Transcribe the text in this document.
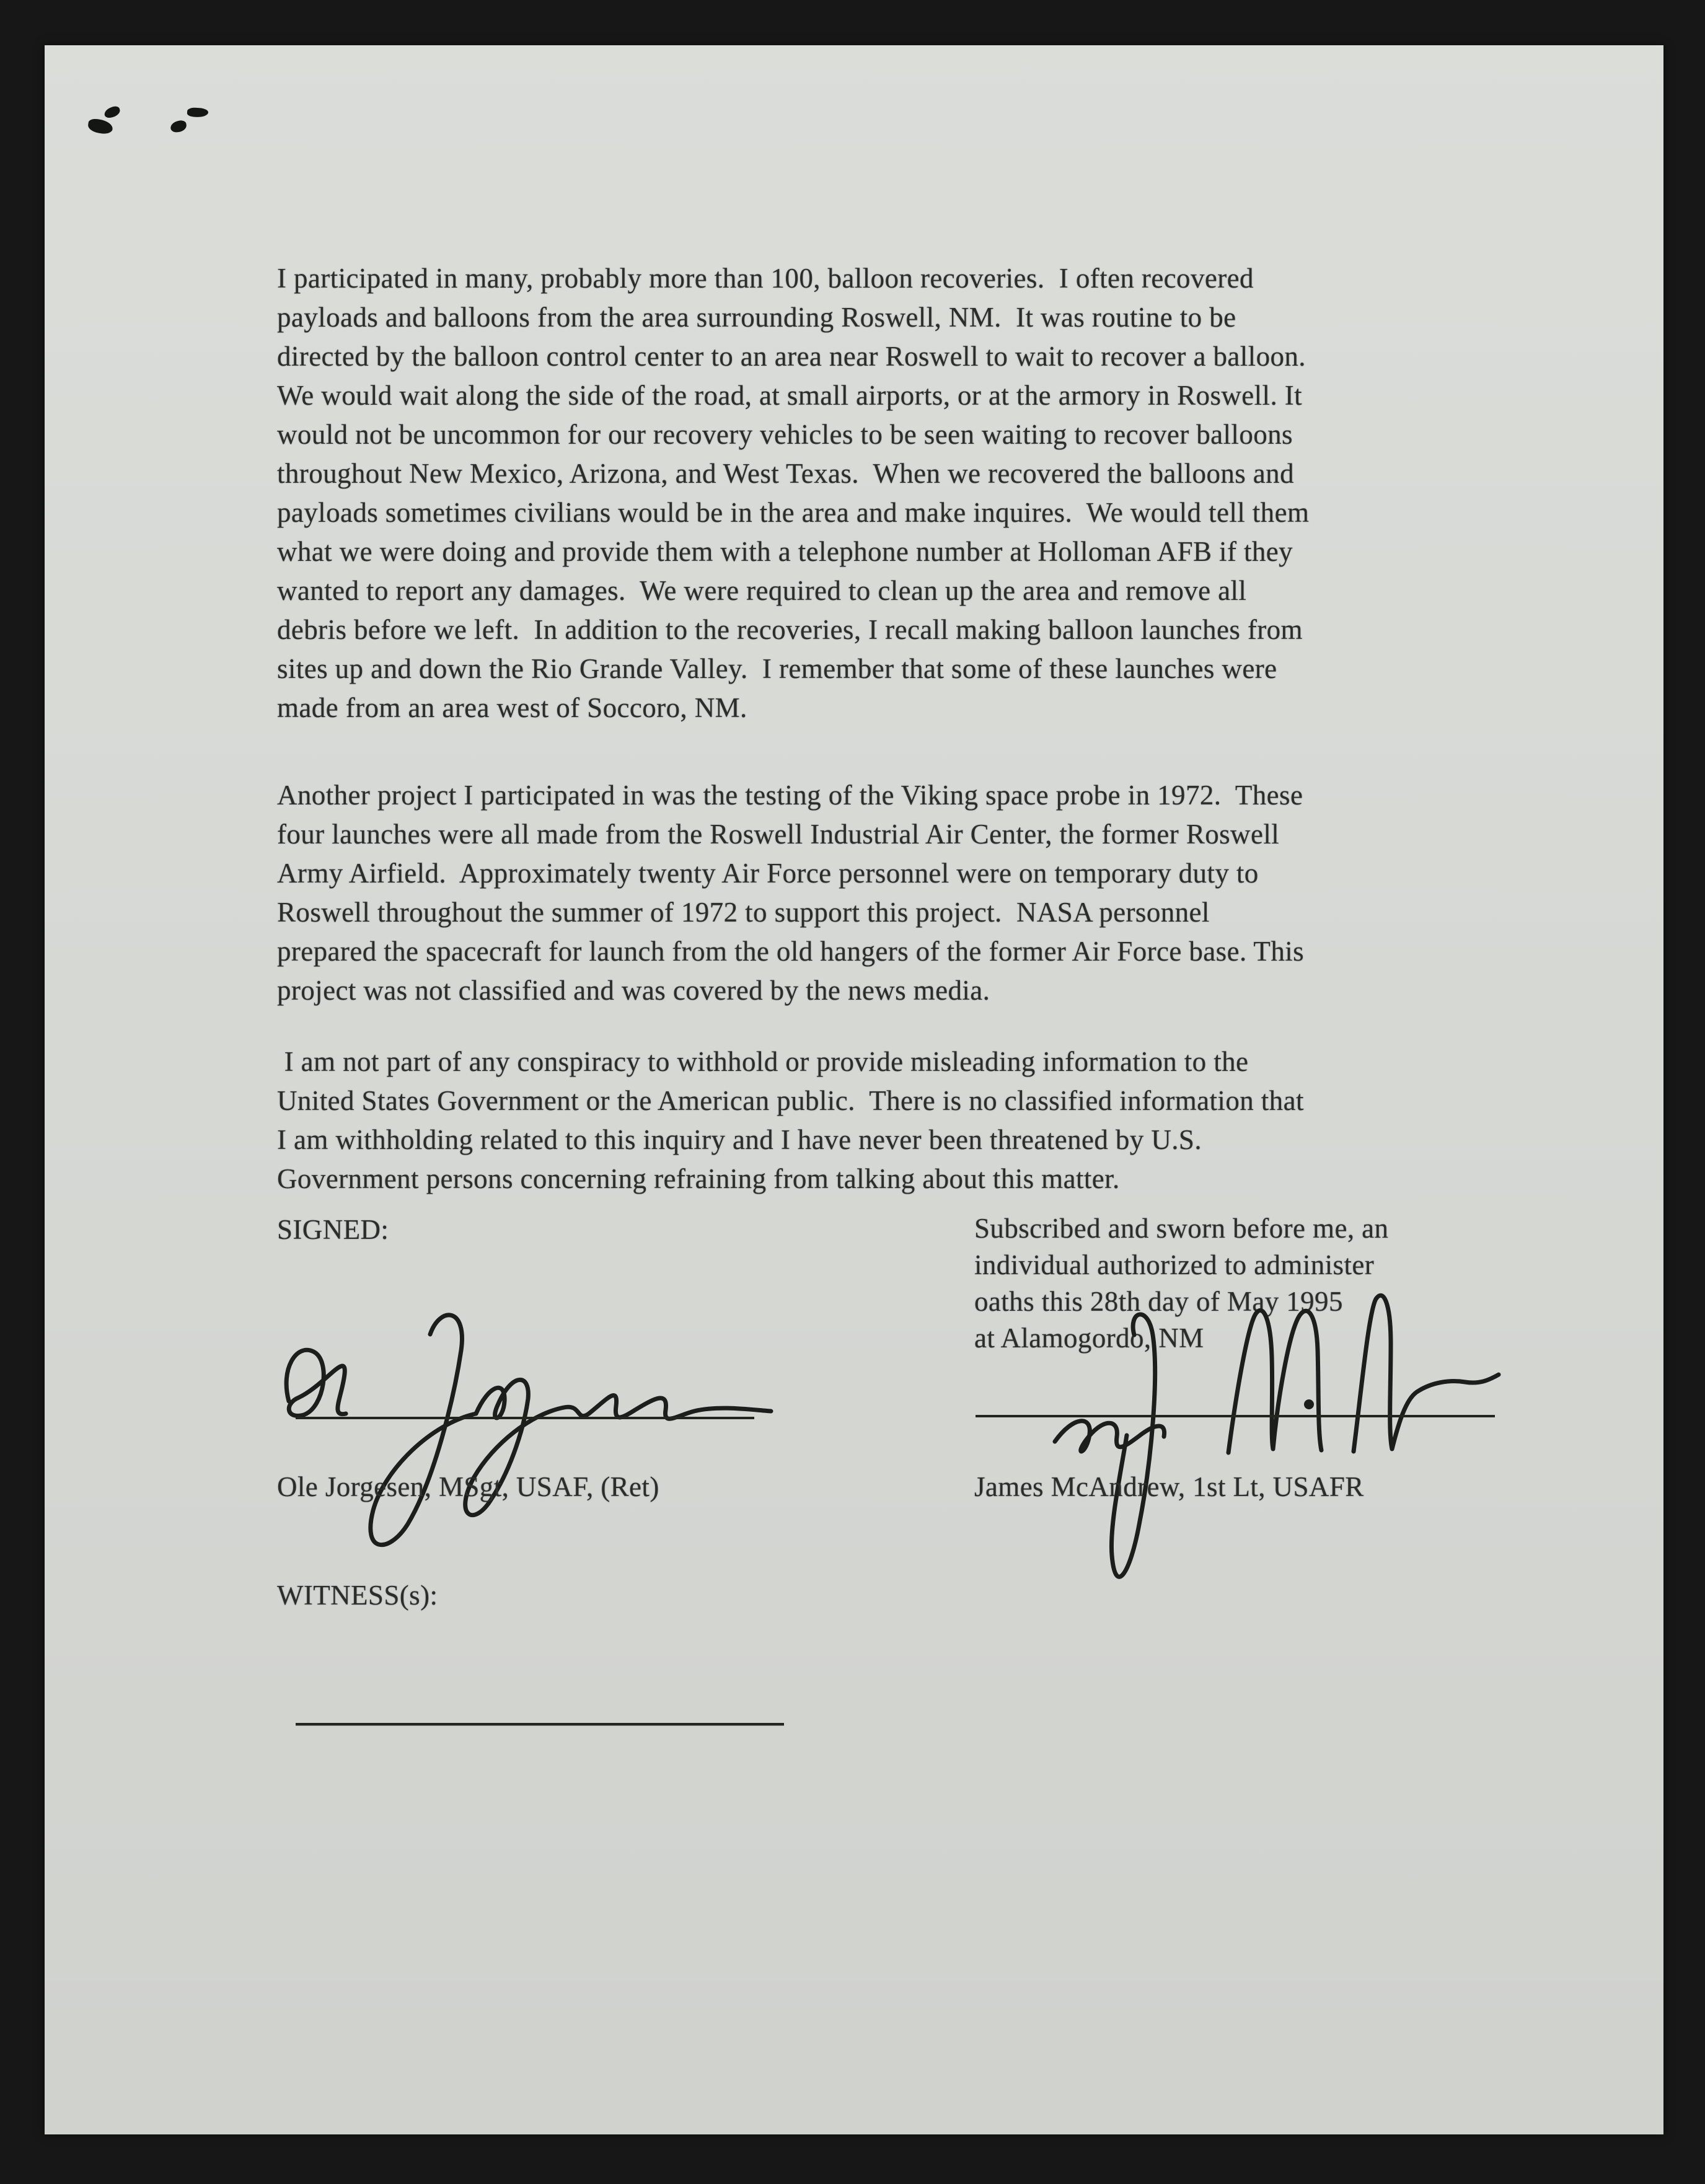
I participated in many, probably more than 100, balloon recoveries.  I often recovered
payloads and balloons from the area surrounding Roswell, NM.  It was routine to be
directed by the balloon control center to an area near Roswell to wait to recover a balloon.
We would wait along the side of the road, at small airports, or at the armory in Roswell. It
would not be uncommon for our recovery vehicles to be seen waiting to recover balloons
throughout New Mexico, Arizona, and West Texas.  When we recovered the balloons and
payloads sometimes civilians would be in the area and make inquires.  We would tell them
what we were doing and provide them with a telephone number at Holloman AFB if they
wanted to report any damages.  We were required to clean up the area and remove all
debris before we left.  In addition to the recoveries, I recall making balloon launches from
sites up and down the Rio Grande Valley.  I remember that some of these launches were
made from an area west of Soccoro, NM.
Another project I participated in was the testing of the Viking space probe in 1972.  These
four launches were all made from the Roswell Industrial Air Center, the former Roswell
Army Airfield.  Approximately twenty Air Force personnel were on temporary duty to
Roswell throughout the summer of 1972 to support this project.  NASA personnel
prepared the spacecraft for launch from the old hangers of the former Air Force base. This
project was not classified and was covered by the news media.
I am not part of any conspiracy to withhold or provide misleading information to the
United States Government or the American public.  There is no classified information that
I am withholding related to this inquiry and I have never been threatened by U.S.
Government persons concerning refraining from talking about this matter.
SIGNED:	Subscribed and sworn before me, an
individual authorized to administer
oaths this 28th day of May 1995
at Alamogordo, NM
Ole Jorgesen, MSgt, USAF, (Ret)	James McAndrew, 1st Lt, USAFR
WITNESS(s):
